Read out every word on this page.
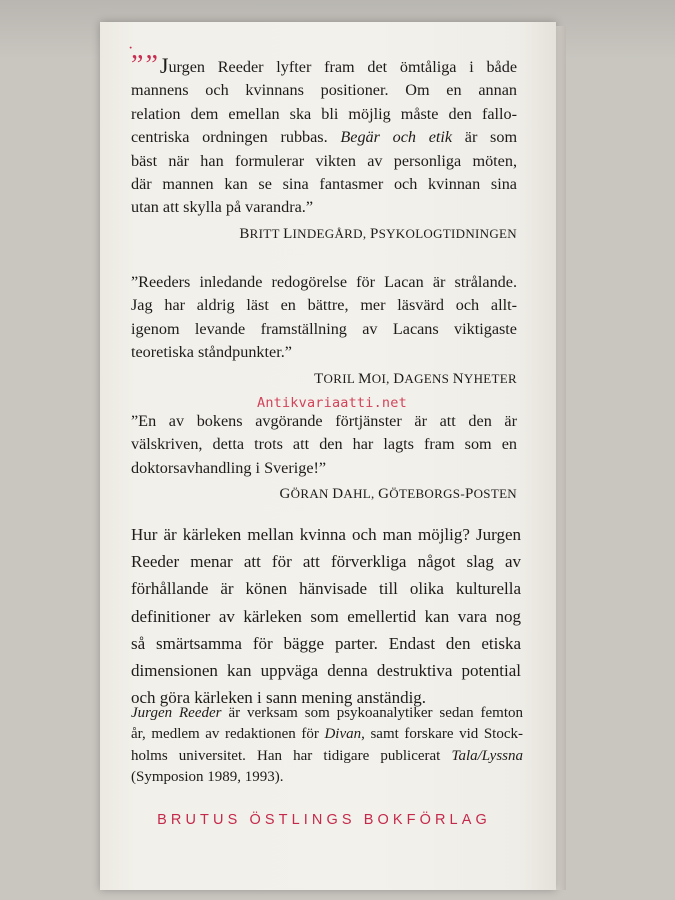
·
””Jurgen Reeder lyfter fram det ömtåliga i både
mannens och kvinnans positioner. Om en annan
relation dem emellan ska bli möjlig måste den fallo-
centriska ordningen rubbas. Begär och etik är som
bäst när han formulerar vikten av personliga möten,
där mannen kan se sina fantasmer och kvinnan sina
utan att skylla på varandra.”
BRITT LINDEGÅRD, PSYKOLOGTIDNINGEN
”Reeders inledande redogörelse för Lacan är strålande.
Jag har aldrig läst en bättre, mer läsvärd och allt-
igenom levande framställning av Lacans viktigaste
teoretiska ståndpunkter.”
TORIL MOI, DAGENS NYHETER
Antikvariaatti.net
”En av bokens avgörande förtjänster är att den är
välskriven, detta trots att den har lagts fram som en
doktorsavhandling i Sverige!”
GÖRAN DAHL, GÖTEBORGS-POSTEN
Hur är kärleken mellan kvinna och man möjlig? Jurgen
Reeder menar att för att förverkliga något slag av
förhållande är könen hänvisade till olika kulturella
definitioner av kärleken som emellertid kan vara nog
så smärtsamma för bägge parter. Endast den etiska
dimensionen kan uppväga denna destruktiva potential
och göra kärleken i sann mening anständig.
Jurgen Reeder är verksam som psykoanalytiker sedan femton
år, medlem av redaktionen för Divan, samt forskare vid Stock-
holms universitet. Han har tidigare publicerat Tala/Lyssna
(Symposion 1989, 1993).
BRUTUS ÖSTLINGS BOKFÖRLAG
